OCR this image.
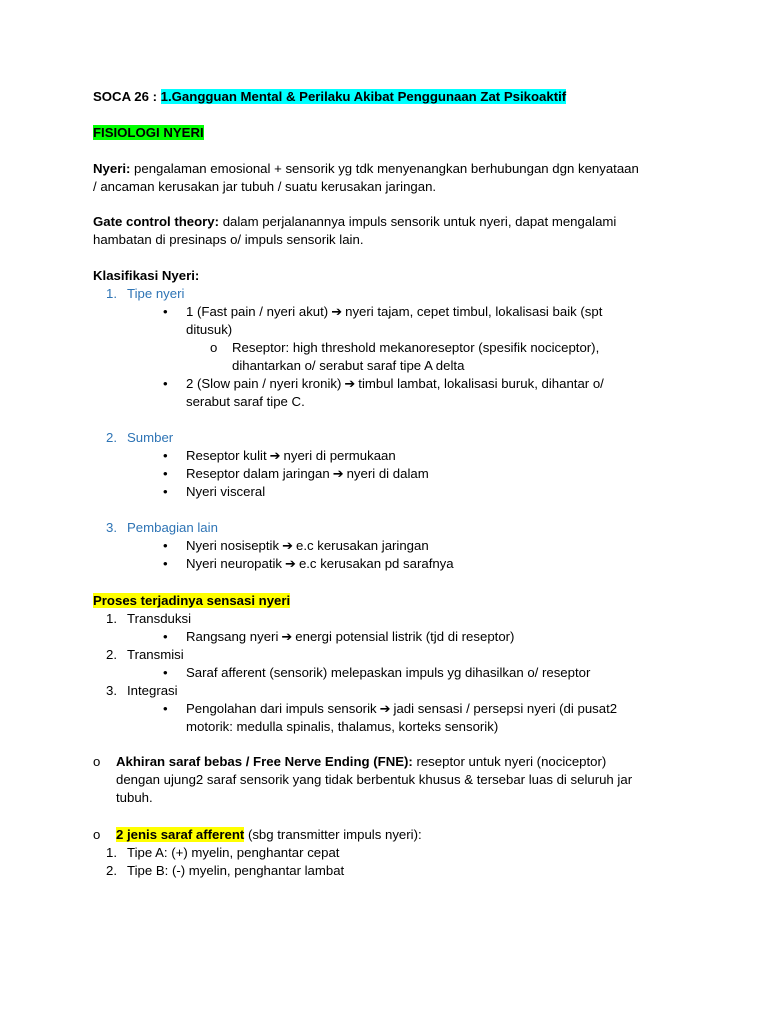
SOCA 26 : 1.Gangguan Mental & Perilaku Akibat Penggunaan Zat Psikoaktif
FISIOLOGI NYERI
Nyeri: pengalaman emosional + sensorik yg tdk menyenangkan berhubungan dgn kenyataan
/ ancaman kerusakan jar tubuh / suatu kerusakan jaringan.
Gate control theory: dalam perjalanannya impuls sensorik untuk nyeri, dapat mengalami
hambatan di presinaps o/ impuls sensorik lain.
Klasifikasi Nyeri:
1. Tipe nyeri
• 1 (Fast pain / nyeri akut) ➔ nyeri tajam, cepet timbul, lokalisasi baik (spt
ditusuk)
o Reseptor: high threshold mekanoreseptor (spesifik nociceptor),
dihantarkan o/ serabut saraf tipe A delta
• 2 (Slow pain / nyeri kronik) ➔ timbul lambat, lokalisasi buruk, dihantar o/
serabut saraf tipe C.
2. Sumber
• Reseptor kulit ➔ nyeri di permukaan
• Reseptor dalam jaringan ➔ nyeri di dalam
• Nyeri visceral
3. Pembagian lain
• Nyeri nosiseptik ➔ e.c kerusakan jaringan
• Nyeri neuropatik ➔ e.c kerusakan pd sarafnya
Proses terjadinya sensasi nyeri
1. Transduksi
• Rangsang nyeri ➔ energi potensial listrik (tjd di reseptor)
2. Transmisi
• Saraf afferent (sensorik) melepaskan impuls yg dihasilkan o/ reseptor
3. Integrasi
• Pengolahan dari impuls sensorik ➔ jadi sensasi / persepsi nyeri (di pusat2
motorik: medulla spinalis, thalamus, korteks sensorik)
o Akhiran saraf bebas / Free Nerve Ending (FNE): reseptor untuk nyeri (nociceptor)
dengan ujung2 saraf sensorik yang tidak berbentuk khusus & tersebar luas di seluruh jar
tubuh.
o 2 jenis saraf afferent (sbg transmitter impuls nyeri):
1. Tipe A: (+) myelin, penghantar cepat
2. Tipe B: (-) myelin, penghantar lambat
